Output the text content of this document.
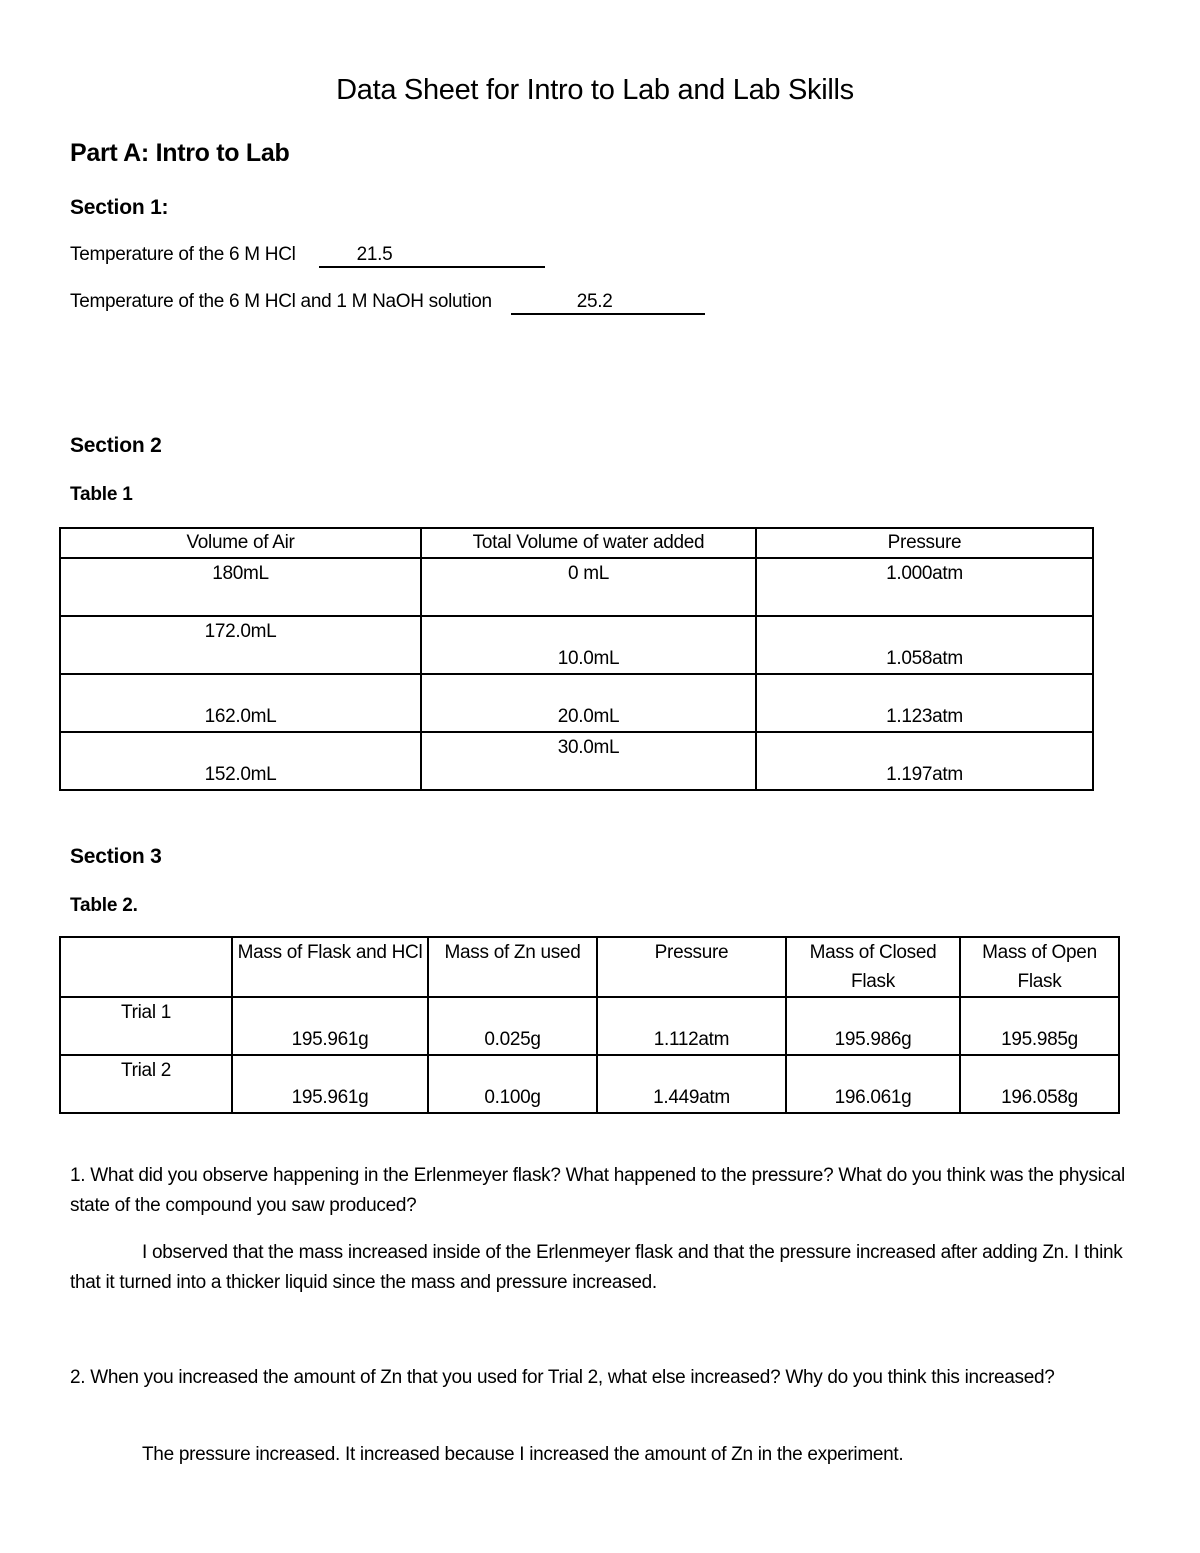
Data Sheet for Intro to Lab and Lab Skills
Part A: Intro to Lab
Section 1:
Temperature of the 6 M HCl	21.5
Temperature of the 6 M HCl and 1 M NaOH solution	25.2
Section 2
Table 1
Volume of Air	Total Volume of water added	Pressure
180mL	0 mL	1.000atm
172.0mL	10.0mL	1.058atm
162.0mL	20.0mL	1.123atm
152.0mL	30.0mL	1.197atm
Section 3
Table 2.
	Mass of Flask and HCl	Mass of Zn used	Pressure	Mass of Closed Flask	Mass of Open Flask
Trial 1	195.961g	0.025g	1.112atm	195.986g	195.985g
Trial 2	195.961g	0.100g	1.449atm	196.061g	196.058g
1. What did you observe happening in the Erlenmeyer flask? What happened to the pressure? What do you think was the physical state of the compound you saw produced?
I observed that the mass increased inside of the Erlenmeyer flask and that the pressure increased after adding Zn. I think that it turned into a thicker liquid since the mass and pressure increased.
2. When you increased the amount of Zn that you used for Trial 2, what else increased? Why do you think this increased?
The pressure increased. It increased because I increased the amount of Zn in the experiment.
